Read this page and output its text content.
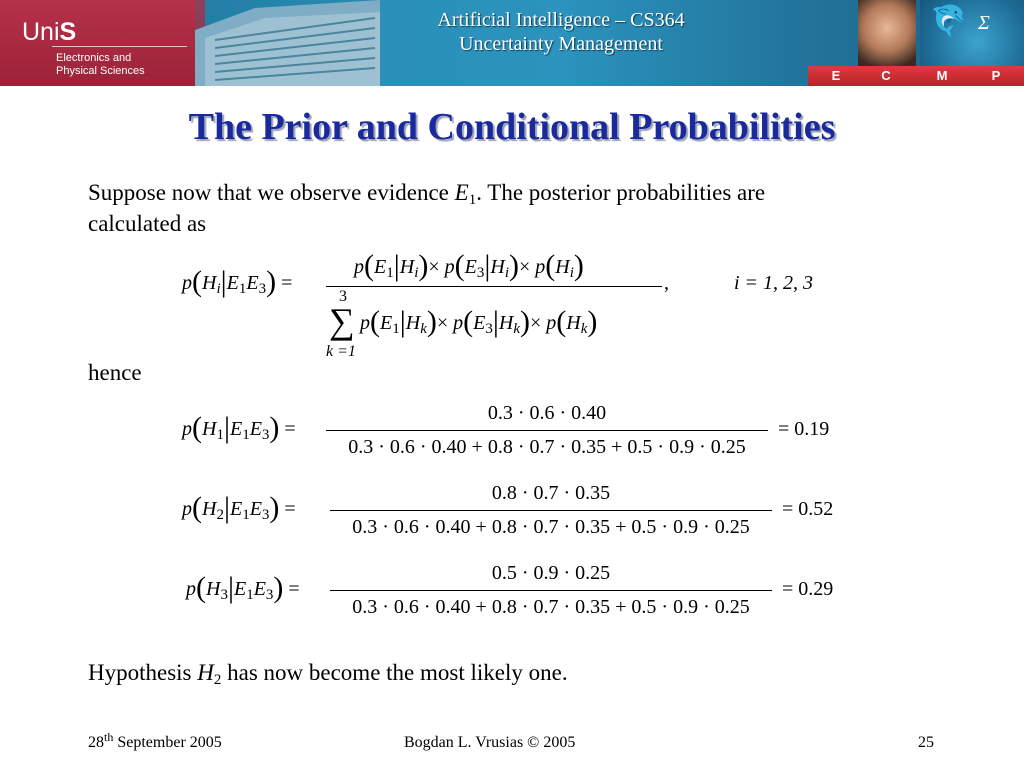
UniS
Electronics and
Physical Sciences
Artificial Intelligence – CS364
Uncertainty Management
🐬 Σ
E	C	M	P
The Prior and Conditional Probabilities
Suppose now that we observe evidence $E_1$. The posterior probabilities are
calculated as
$p(H_i|E_1E_3)$ =
$p(E_1|H_i)\times p(E_3|H_i)\times p(H_i)$
,
3
∑
k =1
$p(E_1|H_k)\times p(E_3|H_k)\times p(H_k)$
i = 1, 2, 3
hence
$p(H_1|E_1E_3)$ =
0.3 · 0.6 · 0.40
0.3 · 0.6 · 0.40 + 0.8 · 0.7 · 0.35 + 0.5 · 0.9 · 0.25
= 0.19
$p(H_2|E_1E_3)$ =
0.8 · 0.7 · 0.35
0.3 · 0.6 · 0.40 + 0.8 · 0.7 · 0.35 + 0.5 · 0.9 · 0.25
= 0.52
$p(H_3|E_1E_3)$ =
0.5 · 0.9 · 0.25
0.3 · 0.6 · 0.40 + 0.8 · 0.7 · 0.35 + 0.5 · 0.9 · 0.25
= 0.29
Hypothesis $H_2$ has now become the most likely one.
28th September 2005	Bogdan L. Vrusias © 2005	25
